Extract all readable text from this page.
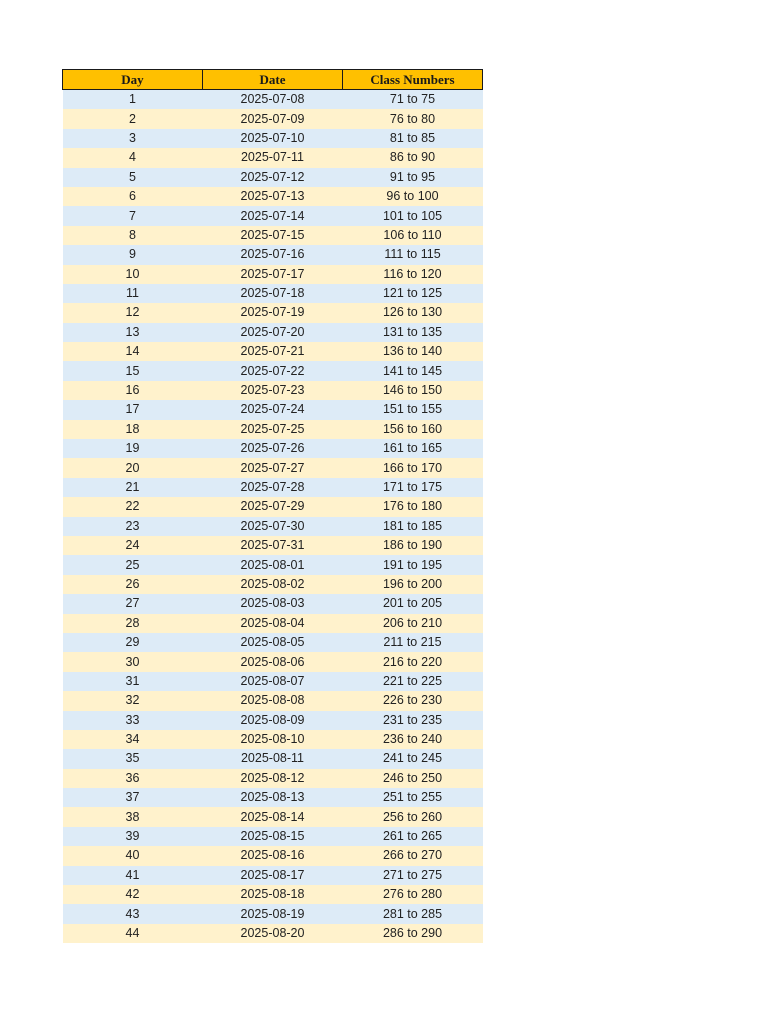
Day	Date	Class Numbers
1	2025-07-08	71 to 75
2	2025-07-09	76 to 80
3	2025-07-10	81 to 85
4	2025-07-11	86 to 90
5	2025-07-12	91 to 95
6	2025-07-13	96 to 100
7	2025-07-14	101 to 105
8	2025-07-15	106 to 110
9	2025-07-16	111 to 115
10	2025-07-17	116 to 120
11	2025-07-18	121 to 125
12	2025-07-19	126 to 130
13	2025-07-20	131 to 135
14	2025-07-21	136 to 140
15	2025-07-22	141 to 145
16	2025-07-23	146 to 150
17	2025-07-24	151 to 155
18	2025-07-25	156 to 160
19	2025-07-26	161 to 165
20	2025-07-27	166 to 170
21	2025-07-28	171 to 175
22	2025-07-29	176 to 180
23	2025-07-30	181 to 185
24	2025-07-31	186 to 190
25	2025-08-01	191 to 195
26	2025-08-02	196 to 200
27	2025-08-03	201 to 205
28	2025-08-04	206 to 210
29	2025-08-05	211 to 215
30	2025-08-06	216 to 220
31	2025-08-07	221 to 225
32	2025-08-08	226 to 230
33	2025-08-09	231 to 235
34	2025-08-10	236 to 240
35	2025-08-11	241 to 245
36	2025-08-12	246 to 250
37	2025-08-13	251 to 255
38	2025-08-14	256 to 260
39	2025-08-15	261 to 265
40	2025-08-16	266 to 270
41	2025-08-17	271 to 275
42	2025-08-18	276 to 280
43	2025-08-19	281 to 285
44	2025-08-20	286 to 290
